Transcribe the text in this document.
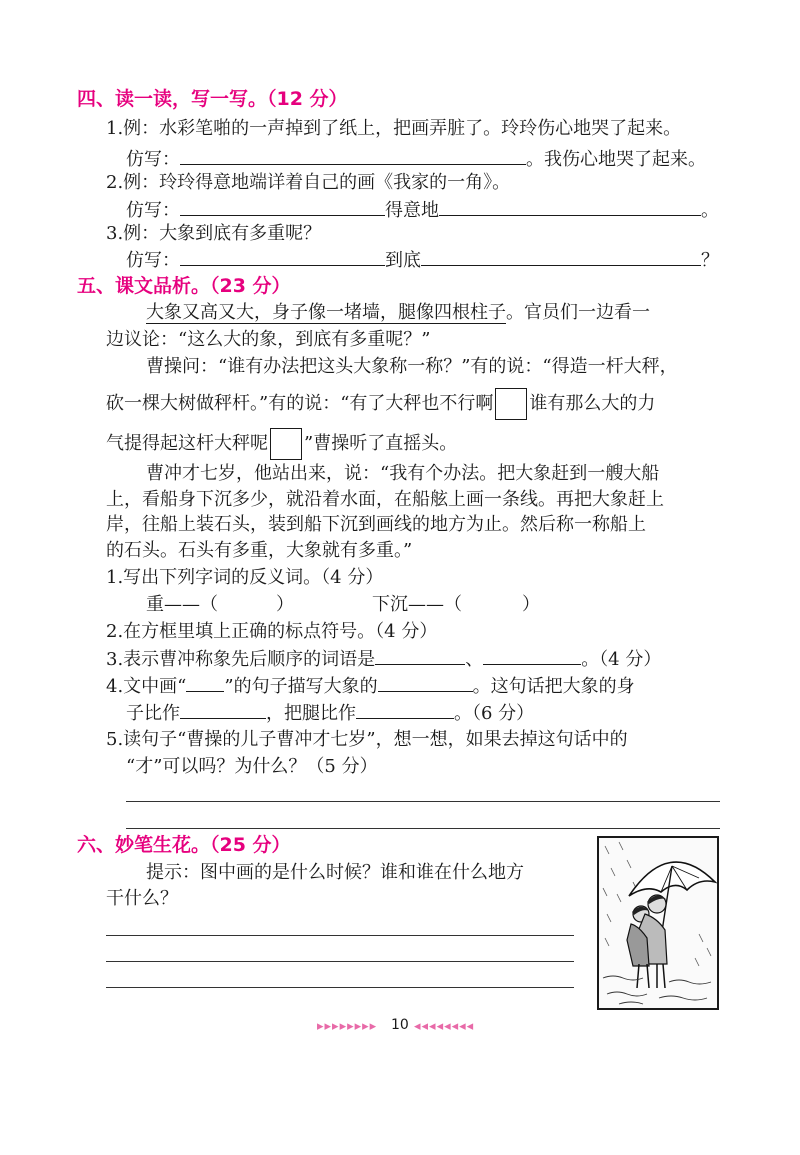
四、读一读，写一写。（12 分）
1.例：水彩笔啪的一声掉到了纸上，把画弄脏了。玲玲伤心地哭了起来。
仿写：	。我伤心地哭了起来。
2.例：玲玲得意地端详着自己的画《我家的一角》。
仿写：	得意地	。
3.例：大象到底有多重呢？
仿写：	到底	？
五、课文品析。（23 分）
大象又高又大，身子像一堵墙，腿像四根柱子。官员们一边看一
边议论：“这么大的象，到底有多重呢？”
曹操问：“谁有办法把这头大象称一称？”有的说：“得造一杆大秤，
砍一棵大树做秤杆。”有的说：“有了大秤也不行啊 谁有那么大的力
气提得起这杆大秤呢 ”曹操听了直摇头。
曹冲才七岁，他站出来，说：“我有个办法。把大象赶到一艘大船
上，看船身下沉多少，就沿着水面，在船舷上画一条线。再把大象赶上
岸，往船上装石头，装到船下沉到画线的地方为止。然后称一称船上
的石头。石头有多重，大象就有多重。”
1.写出下列字词的反义词。（4 分）
重——（	）	下沉——（	）
2.在方框里填上正确的标点符号。（4 分）
3.表示曹冲称象先后顺序的词语是	、	。（4 分）
4.文中画“ ”的句子描写大象的	。这句话把大象的身
子比作	，把腿比作	。（6 分）
5.读句子“曹操的儿子曹冲才七岁”，想一想，如果去掉这句话中的
“才”可以吗？为什么？（5 分）
六、妙笔生花。（25 分）
提示：图中画的是什么时候？谁和谁在什么地方
干什么？
▸▸▸▸▸▸▸▸ 10 ◂◂◂◂◂◂◂◂
